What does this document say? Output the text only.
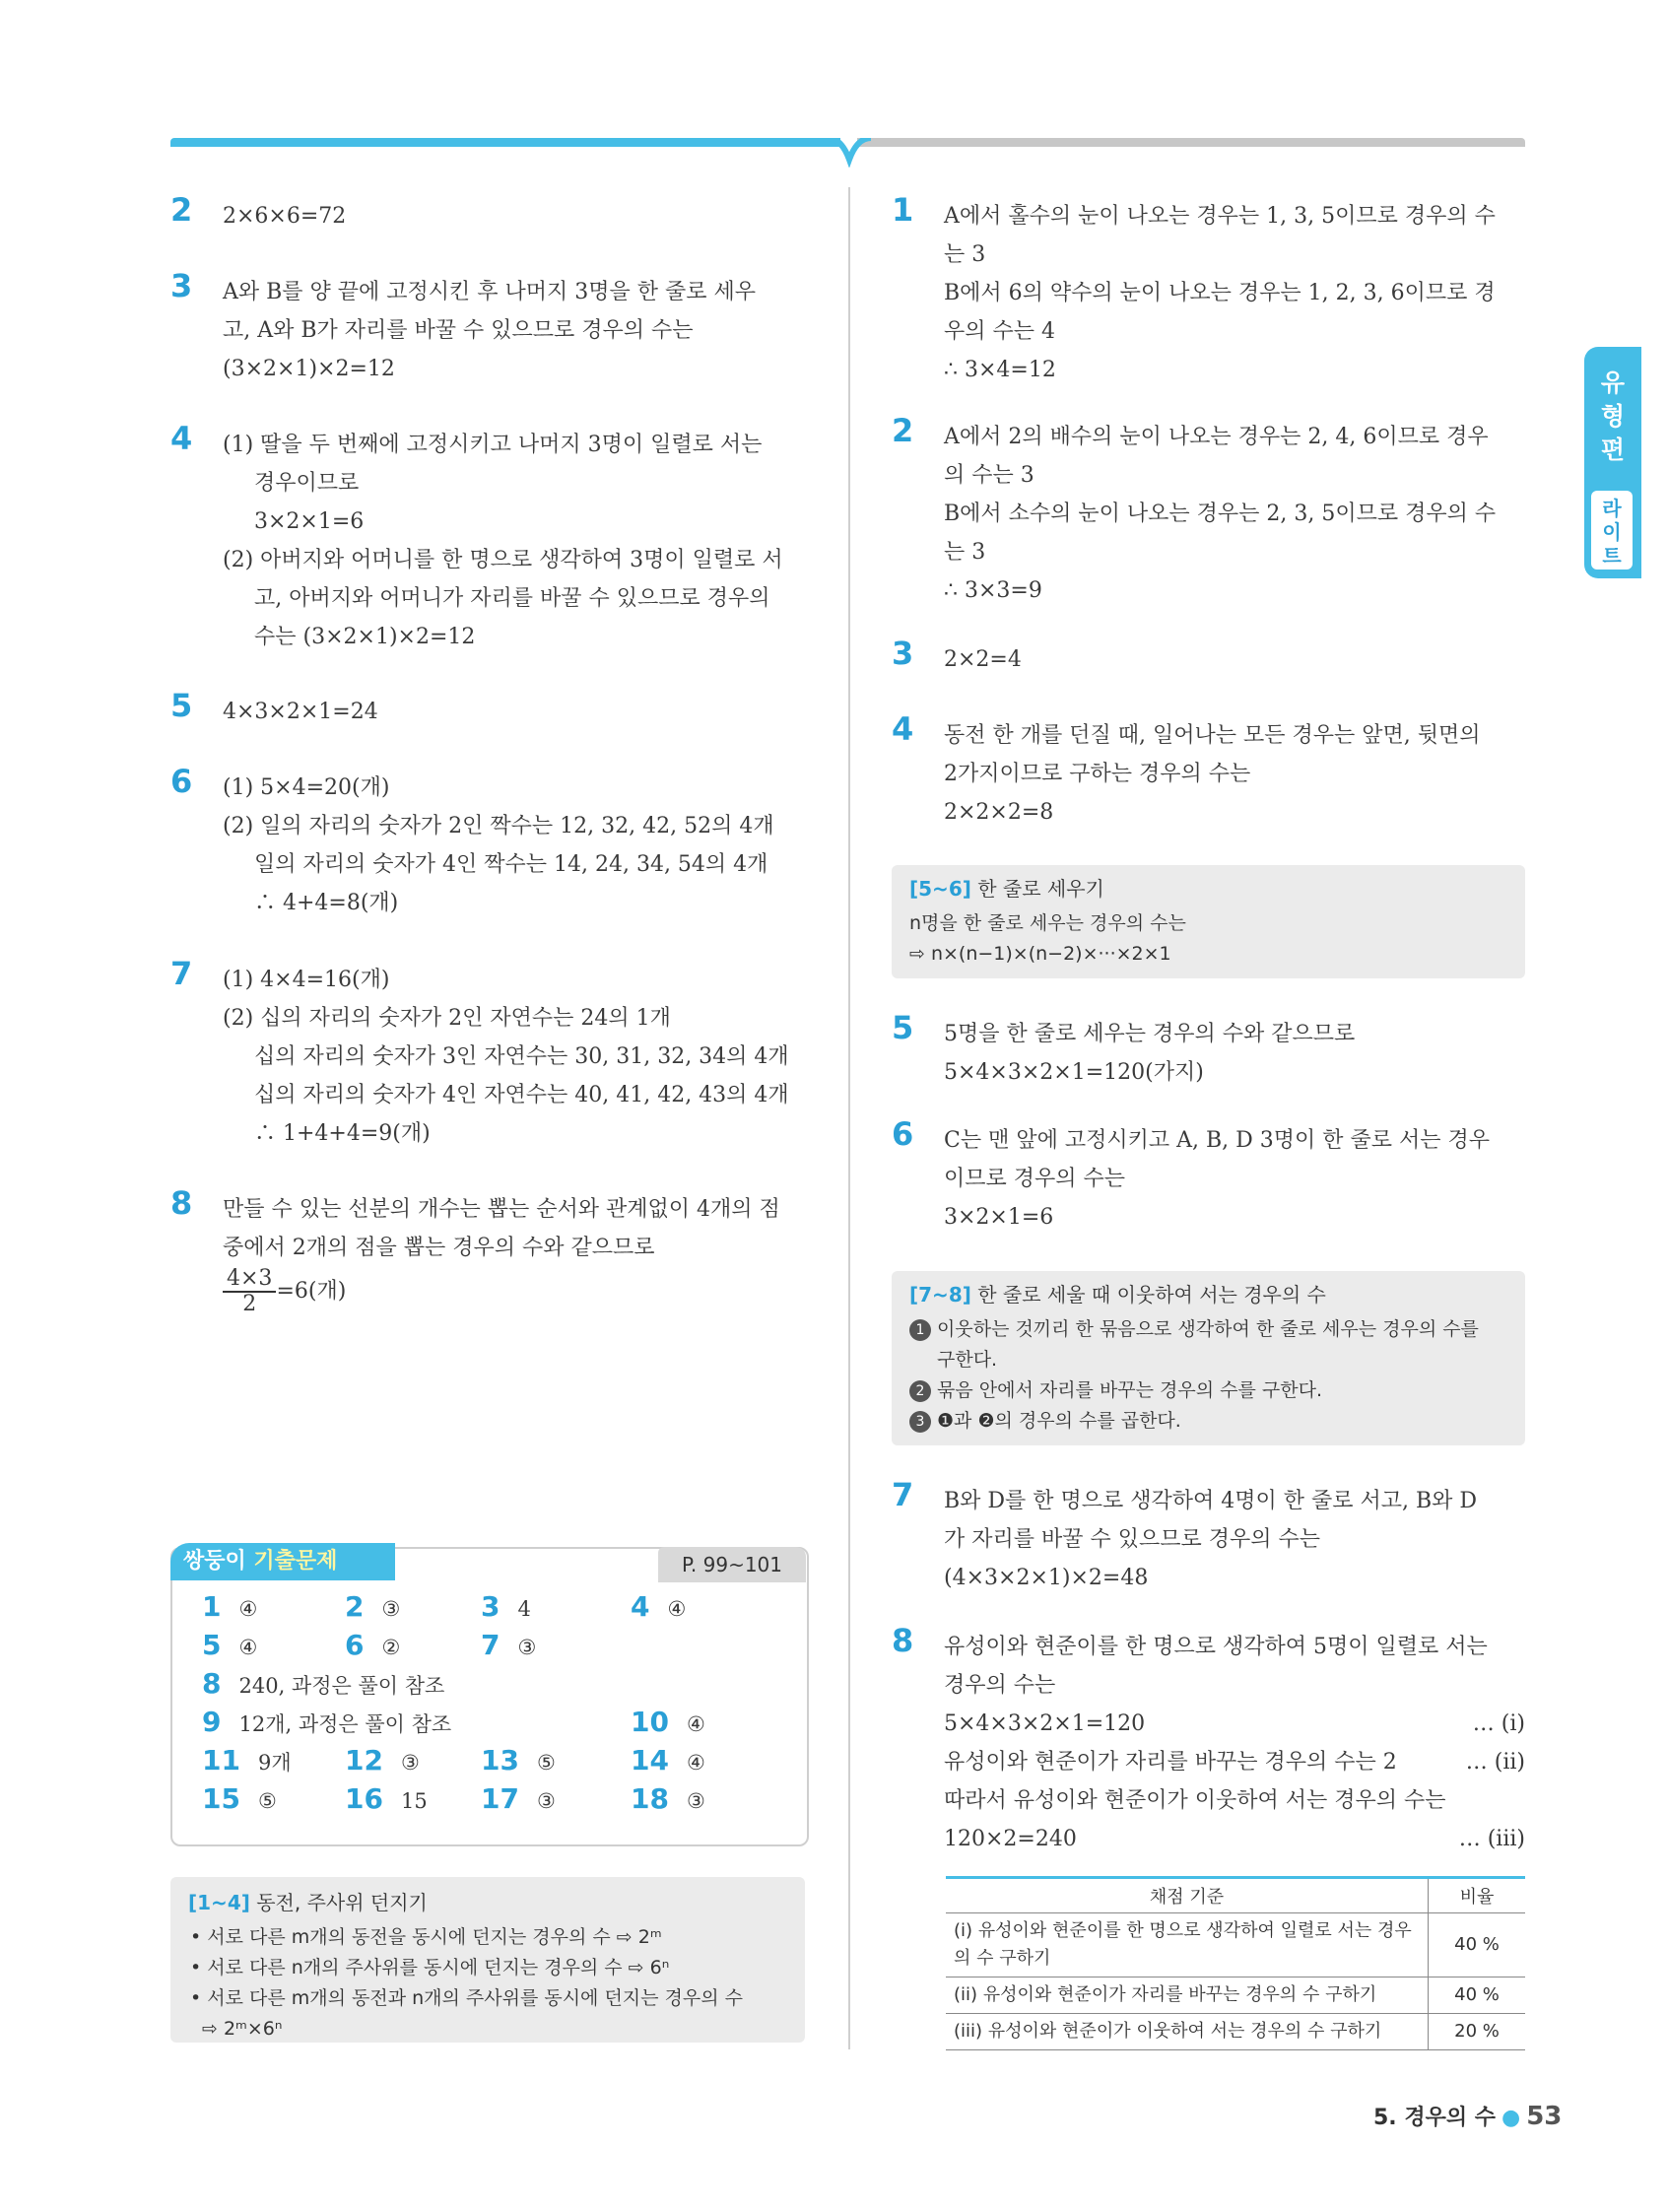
유
형
편
라
이
트
2 2×6×6=72
3 A와 B를 양 끝에 고정시킨 후 나머지 3명을 한 줄로 세우
고, A와 B가 자리를 바꿀 수 있으므로 경우의 수는
(3×2×1)×2=12
4 (1) 딸을 두 번째에 고정시키고 나머지 3명이 일렬로 서는
경우이므로
3×2×1=6
(2) 아버지와 어머니를 한 명으로 생각하여 3명이 일렬로 서
고, 아버지와 어머니가 자리를 바꿀 수 있으므로 경우의
수는 (3×2×1)×2=12
5 4×3×2×1=24
6 (1) 5×4=20(개)
(2) 일의 자리의 숫자가 2인 짝수는 12, 32, 42, 52의 4개
일의 자리의 숫자가 4인 짝수는 14, 24, 34, 54의 4개
∴ 4+4=8(개)
7 (1) 4×4=16(개)
(2) 십의 자리의 숫자가 2인 자연수는 24의 1개
십의 자리의 숫자가 3인 자연수는 30, 31, 32, 34의 4개
십의 자리의 숫자가 4인 자연수는 40, 41, 42, 43의 4개
∴ 1+4+4=9(개)
8 만들 수 있는 선분의 개수는 뽑는 순서와 관계없이 4개의 점
중에서 2개의 점을 뽑는 경우의 수와 같으므로
$\frac{4\times 3}{2} =6$(개)
쌍둥이 기출문제	P. 99~101
1 ④	2 ③	3 4	4 ④
5 ④	6 ②	7 ③
8 240, 과정은 풀이 참조
9 12개, 과정은 풀이 참조	10 ④
11 9개 12 ③ 13 ⑤	14 ④
15 ⑤ 16 15 17 ③	18 ③
[1~4] 동전, 주사위 던지기
• 서로 다른 m개의 동전을 동시에 던지는 경우의 수 ⇨ 2ᵐ
• 서로 다른 n개의 주사위를 동시에 던지는 경우의 수 ⇨ 6ⁿ
• 서로 다른 m개의 동전과 n개의 주사위를 동시에 던지는 경우의 수
⇨ 2ᵐ×6ⁿ
1 A에서 홀수의 눈이 나오는 경우는 1, 3, 5이므로 경우의 수
는 3
B에서 6의 약수의 눈이 나오는 경우는 1, 2, 3, 6이므로 경
우의 수는 4
∴ 3×4=12
2 A에서 2의 배수의 눈이 나오는 경우는 2, 4, 6이므로 경우
의 수는 3
B에서 소수의 눈이 나오는 경우는 2, 3, 5이므로 경우의 수
는 3
∴ 3×3=9
3 2×2=4
4 동전 한 개를 던질 때, 일어나는 모든 경우는 앞면, 뒷면의
2가지이므로 구하는 경우의 수는
2×2×2=8
[5~6] 한 줄로 세우기
n명을 한 줄로 세우는 경우의 수는
⇨ n×(n−1)×(n−2)×···×2×1
5 5명을 한 줄로 세우는 경우의 수와 같으므로
5×4×3×2×1=120(가지)
6 C는 맨 앞에 고정시키고 A, B, D 3명이 한 줄로 서는 경우
이므로 경우의 수는
3×2×1=6
[7~8] 한 줄로 세울 때 이웃하여 서는 경우의 수
1 이웃하는 것끼리 한 묶음으로 생각하여 한 줄로 세우는 경우의 수를
구한다.
2 묶음 안에서 자리를 바꾸는 경우의 수를 구한다.
3 ❶과 ❷의 경우의 수를 곱한다.
7 B와 D를 한 명으로 생각하여 4명이 한 줄로 서고, B와 D
가 자리를 바꿀 수 있으므로 경우의 수는
(4×3×2×1)×2=48
8 유성이와 현준이를 한 명으로 생각하여 5명이 일렬로 서는
경우의 수는
5×4×3×2×1=120	… (i)
유성이와 현준이가 자리를 바꾸는 경우의 수는 2	… (ii)
따라서 유성이와 현준이가 이웃하여 서는 경우의 수는
120×2=240	… (iii)
채점 기준	비율
(i) 유성이와 현준이를 한 명으로 생각하여 일렬로 서는 경우의 수 구하기	40 %
(ii) 유성이와 현준이가 자리를 바꾸는 경우의 수 구하기	40 %
(iii) 유성이와 현준이가 이웃하여 서는 경우의 수 구하기	20 %
5. 경우의 수 ● 53
